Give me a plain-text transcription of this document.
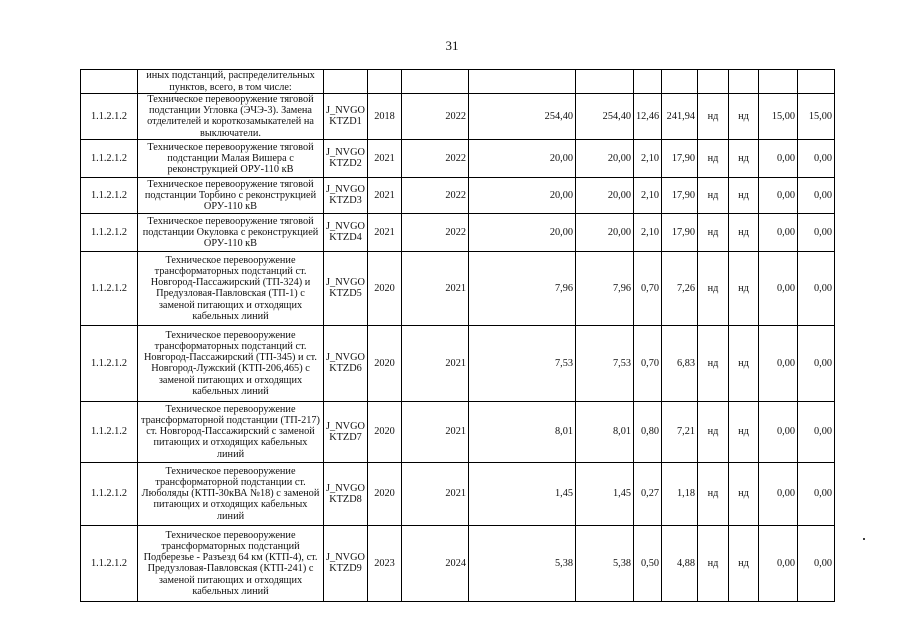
31
	иных подстанций, распределительных пунктов, всего, в том числе:											
1.1.2.1.2	Техническое перевооружение тяговой подстанции Угловка (ЭЧЭ-3). Замена отделителей и короткозамыкателей на выключатели.	J_NVGO KTZD1	2018	2022	254,40	254,40	12,46	241,94	нд	нд	15,00	15,00
1.1.2.1.2	Техническое перевооружение тяговой подстанции Малая Вишера с реконструкцией ОРУ-110 кВ	J_NVGO KTZD2	2021	2022	20,00	20,00	2,10	17,90	нд	нд	0,00	0,00
1.1.2.1.2	Техническое перевооружение тяговой подстанции Торбино с реконструкцией ОРУ-110 кВ	J_NVGO KTZD3	2021	2022	20,00	20,00	2,10	17,90	нд	нд	0,00	0,00
1.1.2.1.2	Техническое перевооружение тяговой подстанции Окуловка с реконструкцией ОРУ-110 кВ	J_NVGO KTZD4	2021	2022	20,00	20,00	2,10	17,90	нд	нд	0,00	0,00
1.1.2.1.2	Техническое перевооружение трансформаторных подстанций ст. Новгород-Пассажирский (ТП-324) и Предузловая-Павловская (ТП-1) с заменой питающих и отходящих кабельных линий	J_NVGO KTZD5	2020	2021	7,96	7,96	0,70	7,26	нд	нд	0,00	0,00
1.1.2.1.2	Техническое перевооружение трансформаторных подстанций ст. Новгород-Пассажирский (ТП-345) и ст. Новгород-Лужский (КТП-206,465) с заменой питающих и отходящих кабельных линий	J_NVGO KTZD6	2020	2021	7,53	7,53	0,70	6,83	нд	нд	0,00	0,00
1.1.2.1.2	Техническое перевооружение трансформаторной подстанции (ТП-217) ст. Новгород-Пассажирский с заменой питающих и отходящих кабельных линий	J_NVGO KTZD7	2020	2021	8,01	8,01	0,80	7,21	нд	нд	0,00	0,00
1.1.2.1.2	Техническое перевооружение трансформаторной подстанции ст. Люболяды (КТП-30кВА №18) с заменой питающих и отходящих кабельных линий	J_NVGO KTZD8	2020	2021	1,45	1,45	0,27	1,18	нд	нд	0,00	0,00
1.1.2.1.2	Техническое перевооружение трансформаторных подстанций Подберезье - Разъезд 64 км (КТП-4), ст. Предузловая-Павловская (КТП-241) с заменой питающих и отходящих кабельных линий	J_NVGO KTZD9	2023	2024	5,38	5,38	0,50	4,88	нд	нд	0,00	0,00
